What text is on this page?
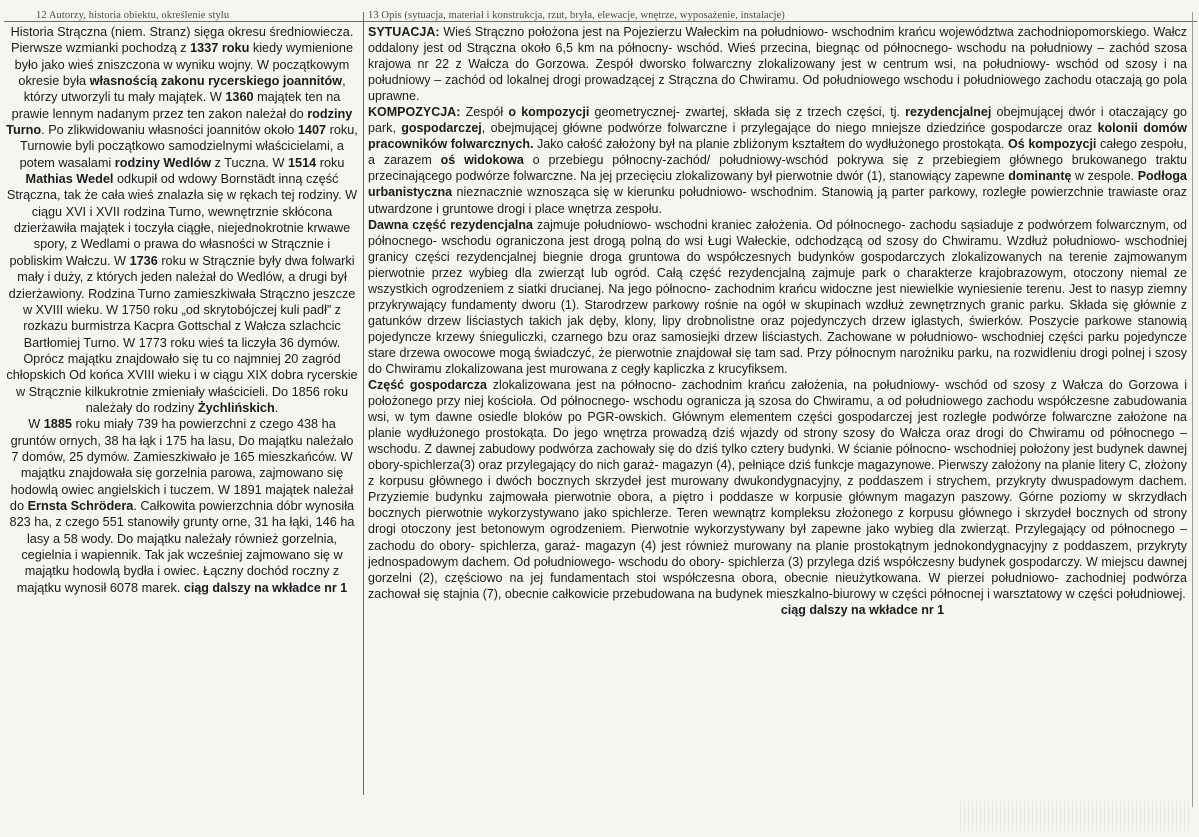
12 Autorzy, historia obiektu, określenie stylu	13 Opis (sytuacja, materiał i konstrukcja, rzut, bryła, elewacje, wnętrze, wyposażenie, instalacje)
Historia Strączna (niem. Stranz) sięga okresu średniowiecza. Pierwsze wzmianki pochodzą z 1337 roku kiedy wymienione było jako wieś zniszczona w wyniku wojny. W początkowym okresie była własnością zakonu rycerskiego joannitów, którzy utworzyli tu mały majątek. W 1360 majątek ten na prawie lennym nadanym przez ten zakon należał do rodziny Turno. Po zlikwidowaniu własności joannitów około 1407 roku, Turnowie byli początkowo samodzielnymi właścicielami, a potem wasalami rodziny Wedlów z Tuczna. W 1514 roku Mathias Wedel odkupił od wdowy Bornstädt inną część Strączna, tak że cała wieś znalazła się w rękach tej rodziny. W ciągu XVI i XVII rodzina Turno, wewnętrznie skłócona dzierżawiła majątek i toczyła ciągłe, niejednokrotnie krwawe spory, z Wedlami o prawa do własności w Strącznie i pobliskim Wałczu. W 1736 roku w Strącznie były dwa folwarki mały i duży, z których jeden należał do Wedlów, a drugi był dzierżawiony. Rodzina Turno zamieszkiwała Strączno jeszcze w XVIII wieku. W 1750 roku „od skrytobójczej kuli padł” z rozkazu burmistrza Kacpra Gottschal z Wałcza szlachcic Bartłomiej Turno. W 1773 roku wieś ta liczyła 36 dymów. Oprócz majątku znajdowało się tu co najmniej 20 zagród chłopskich Od końca XVIII wieku i w ciągu XIX dobra rycerskie w Strącznie kilkukrotnie zmieniały właścicieli. Do 1856 roku należały do rodziny Żychlińskich.
W 1885 roku miały 739 ha powierzchni z czego 438 ha gruntów ornych, 38 ha łąk i 175 ha lasu, Do majątku należało 7 domów, 25 dymów. Zamieszkiwało je 165 mieszkańców. W majątku znajdowała się gorzelnia parowa, zajmowano się hodowlą owiec angielskich i tuczem. W 1891 majątek należał do Ernsta Schrödera. Całkowita powierzchnia dóbr wynosiła 823 ha, z czego 551 stanowiły grunty orne, 31 ha łąki, 146 ha lasy a 58 wody. Do majątku należały również gorzelnia, cegielnia i wapiennik. Tak jak wcześniej zajmowano się w majątku hodowlą bydła i owiec. Łączny dochód roczny z majątku wynosił 6078 marek. ciąg dalszy na wkładce nr 1

SYTUACJA: Wieś Strączno położona jest na Pojezierzu Wałeckim na południowo- wschodnim krańcu województwa zachodniopomorskiego. Wałcz oddalony jest od Strączna około 6,5 km na północny- wschód. Wieś przecina, biegnąc od północnego- wschodu na południowy – zachód szosa krajowa nr 22 z Wałcza do Gorzowa. Zespół dworsko folwarczny zlokalizowany jest w centrum wsi, na południowy- wschód od szosy i na południowy – zachód od lokalnej drogi prowadzącej z Strączna do Chwiramu. Od południowego wschodu i południowego zachodu otaczają go pola uprawne.

KOMPOZYCJA: Zespół o kompozycji geometrycznej- zwartej, składa się z trzech części, tj. rezydencjalnej obejmującej dwór i otaczający go park, gospodarczej, obejmującej główne podwórze folwarczne i przylegające do niego mniejsze dziedzińce gospodarcze oraz kolonii domów pracowników folwarcznych. Jako całość założony był na planie zbliżonym kształtem do wydłużonego prostokąta. Oś kompozycji całego zespołu, a zarazem oś widokowa o przebiegu północny-zachód/ południowy-wschód pokrywa się z przebiegiem głównego brukowanego traktu przecinającego podwórze folwarczne. Na jej przecięciu zlokalizowany był pierwotnie dwór (1), stanowiący zapewne dominantę w zespole. Podłoga urbanistyczna nieznacznie wznosząca się w kierunku południowo- wschodnim. Stanowią ją parter parkowy, rozległe powierzchnie trawiaste oraz utwardzone i gruntowe drogi i place wnętrza zespołu.

Dawna część rezydencjalna zajmuje południowo- wschodni kraniec założenia. Od północnego- zachodu sąsiaduje z podwórzem folwarcznym, od północnego- wschodu ograniczona jest drogą polną do wsi Ługi Wałeckie, odchodzącą od szosy do Chwiramu. Wzdłuż południowo- wschodniej granicy części rezydencjalnej biegnie droga gruntowa do współczesnych budynków gospodarczych zlokalizowanych na terenie zajmowanym pierwotnie przez wybieg dla zwierząt lub ogród. Całą część rezydencjalną zajmuje park o charakterze krajobrazowym, otoczony niemal ze wszystkich ogrodzeniem z siatki drucianej. Na jego północno- zachodnim krańcu widoczne jest niewielkie wyniesienie terenu. Jest to nasyp ziemny przykrywający fundamenty dworu (1). Starodrzew parkowy rośnie na ogół w skupinach wzdłuż zewnętrznych granic parku. Składa się głównie z gatunków drzew liściastych takich jak dęby, klony, lipy drobnolistne oraz pojedynczych drzew iglastych, świerków. Poszycie parkowe stanowią pojedyncze krzewy śnieguliczki, czarnego bzu oraz samosiejki drzew liściastych. Zachowane w południowo- wschodniej części parku pojedyncze stare drzewa owocowe mogą świadczyć, że pierwotnie znajdował się tam sad. Przy północnym narożniku parku, na rozwidleniu drogi polnej i szosy do Chwiramu zlokalizowana jest murowana z cegły kapliczka z krucyfiksem.

Część gospodarcza zlokalizowana jest na północno- zachodnim krańcu założenia, na południowy- wschód od szosy z Wałcza do Gorzowa i położonego przy niej kościoła. Od północnego- wschodu ogranicza ją szosa do Chwiramu, a od południowego zachodu współczesne zabudowania wsi, w tym dawne osiedle bloków po PGR-owskich. Głównym elementem części gospodarczej jest rozległe podwórze folwarczne założone na planie wydłużonego prostokąta. Do jego wnętrza prowadzą dziś wjazdy od strony szosy do Wałcza oraz drogi do Chwiramu od północnego –wschodu. Z dawnej zabudowy podwórza zachowały się do dziś tylko cztery budynki. W ścianie północno- wschodniej położony jest budynek dawnej obory-spichlerza(3) oraz przylegający do nich garaż- magazyn (4), pełniące dziś funkcje magazynowe. Pierwszy założony na planie litery C, złożony z korpusu głównego i dwóch bocznych skrzydeł jest murowany dwukondygnacyjny, z poddaszem i strychem, przykryty dwuspadowym dachem. Przyziemie budynku zajmowała pierwotnie obora, a piętro i poddasze w korpusie głównym magazyn paszowy. Górne poziomy w skrzydłach bocznych pierwotnie wykorzystywano jako spichlerze. Teren wewnątrz kompleksu złożonego z korpusu głównego i skrzydeł bocznych od strony drogi otoczony jest betonowym ogrodzeniem. Pierwotnie wykorzystywany był zapewne jako wybieg dla zwierząt. Przylegający od północnego – zachodu do obory- spichlerza, garaż- magazyn (4) jest również murowany na planie prostokątnym jednokondygnacyjny z poddaszem, przykryty jednospadowym dachem. Od południowego- wschodu do obory- spichlerza (3) przylega dziś współczesny budynek gospodarczy. W miejscu dawnej gorzelni (2), częściowo na jej fundamentach stoi współczesna obora, obecnie nieużytkowana. W pierzei południowo- zachodniej podwórza zachował się stajnia (7), obecnie całkowicie przebudowana na budynek mieszkalno-biurowy w części północnej i warsztatowy w części południowej.

ciąg dalszy na wkładce nr 1
